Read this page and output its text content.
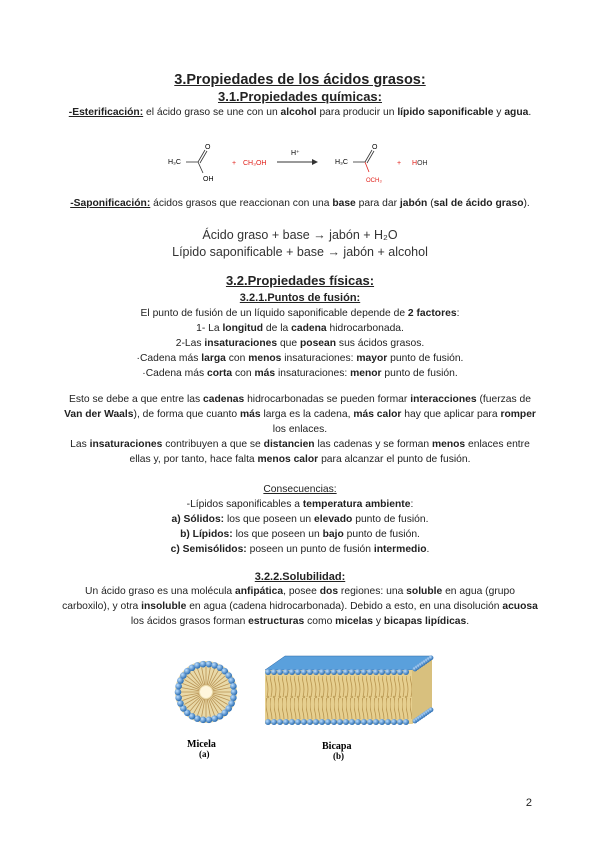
3.Propiedades de los ácidos grasos:
3.1.Propiedades químicas:
-Esterificación: el ácido graso se une con un alcohol para producir un lípido saponificable y agua.
H₃C
O
OH
+ CH₃OH
H⁺
H₃C
O
OCH₃
+ HOH
-Saponificación: ácidos grasos que reaccionan con una base para dar jabón (sal de ácido graso).
Ácido graso + base → jabón + H₂O
Lípido saponificable + base → jabón + alcohol
3.2.Propiedades físicas:
3.2.1.Puntos de fusión:
El punto de fusión de un líquido saponificable depende de 2 factores:
1- La longitud de la cadena hidrocarbonada.
2-Las insaturaciones que posean sus ácidos grasos.
·Cadena más larga con menos insaturaciones: mayor punto de fusión.
·Cadena más corta con más insaturaciones: menor punto de fusión.
Esto se debe a que entre las cadenas hidrocarbonadas se pueden formar interacciones (fuerzas de Van der Waals), de forma que cuanto más larga es la cadena, más calor hay que aplicar para romper los enlaces.
Las insaturaciones contribuyen a que se distancien las cadenas y se forman menos enlaces entre ellas y, por tanto, hace falta menos calor para alcanzar el punto de fusión.
Consecuencias:
-Lípidos saponificables a temperatura ambiente:
a) Sólidos: los que poseen un elevado punto de fusión.
b) Lípidos: los que poseen un bajo punto de fusión.
c) Semisólidos: poseen un punto de fusión intermedio.
3.2.2.Solubilidad:
Un ácido graso es una molécula anfipática, posee dos regiones: una soluble en agua (grupo carboxilo), y otra insoluble en agua (cadena hidrocarbonada). Debido a esto, en una disolución acuosa los ácidos grasos forman estructuras como micelas y bicapas lipídicas.
Micela
(a)
Bicapa
(b)
2
